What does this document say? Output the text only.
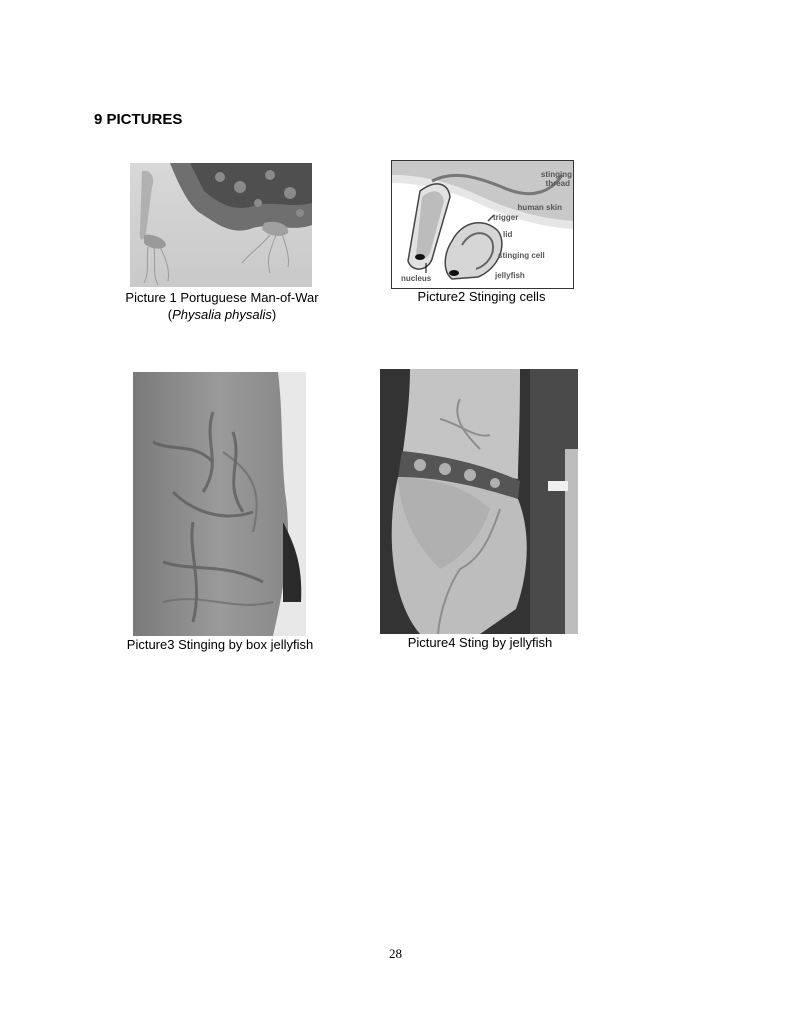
9 PICTURES
Picture 1 Portuguese Man-of-War
(Physalia physalis)
stinging
thread
human skin
trigger
lid
stinging cell
nucleus	jellyfish
Picture2 Stinging cells
Picture3 Stinging by box jellyfish	Picture4 Sting by jellyfish
28
